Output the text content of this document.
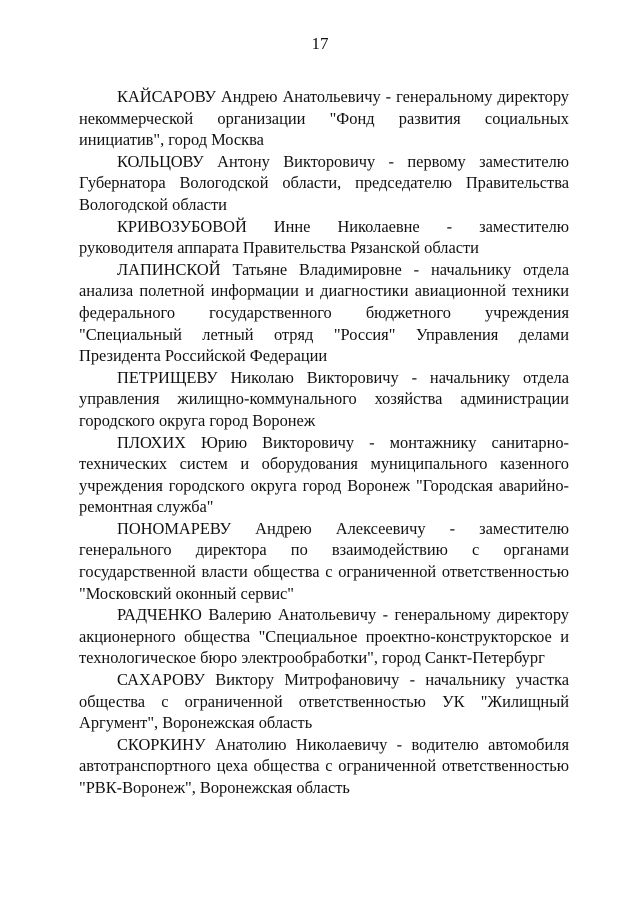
17

КАЙСАРОВУ Андрею Анатольевичу - генеральному директору некоммерческой организации "Фонд развития социальных инициатив", город Москва

КОЛЬЦОВУ Антону Викторовичу - первому заместителю Губернатора Вологодской области, председателю Правительства Вологодской области

КРИВОЗУБОВОЙ Инне Николаевне - заместителю руководителя аппарата Правительства Рязанской области

ЛАПИНСКОЙ Татьяне Владимировне - начальнику отдела анализа полетной информации и диагностики авиационной техники федерального государственного бюджетного учреждения "Специальный летный отряд "Россия" Управления делами Президента Российской Федерации

ПЕТРИЩЕВУ Николаю Викторовичу - начальнику отдела управления жилищно-коммунального хозяйства администрации городского округа город Воронеж

ПЛОХИХ Юрию Викторовичу - монтажнику санитарно-технических систем и оборудования муниципального казенного учреждения городского округа город Воронеж "Городская аварийно-ремонтная служба"

ПОНОМАРЕВУ Андрею Алексеевичу - заместителю генерального директора по взаимодействию с органами государственной власти общества с ограниченной ответственностью "Московский оконный сервис"

РАДЧЕНКО Валерию Анатольевичу - генеральному директору акционерного общества "Специальное проектно-конструкторское и технологическое бюро электрообработки", город Санкт-Петербург

САХАРОВУ Виктору Митрофановичу - начальнику участка общества с ограниченной ответственностью УК "Жилищный Аргумент", Воронежская область

СКОРКИНУ Анатолию Николаевичу - водителю автомобиля автотранспортного цеха общества с ограниченной ответственностью "РВК-Воронеж", Воронежская область
